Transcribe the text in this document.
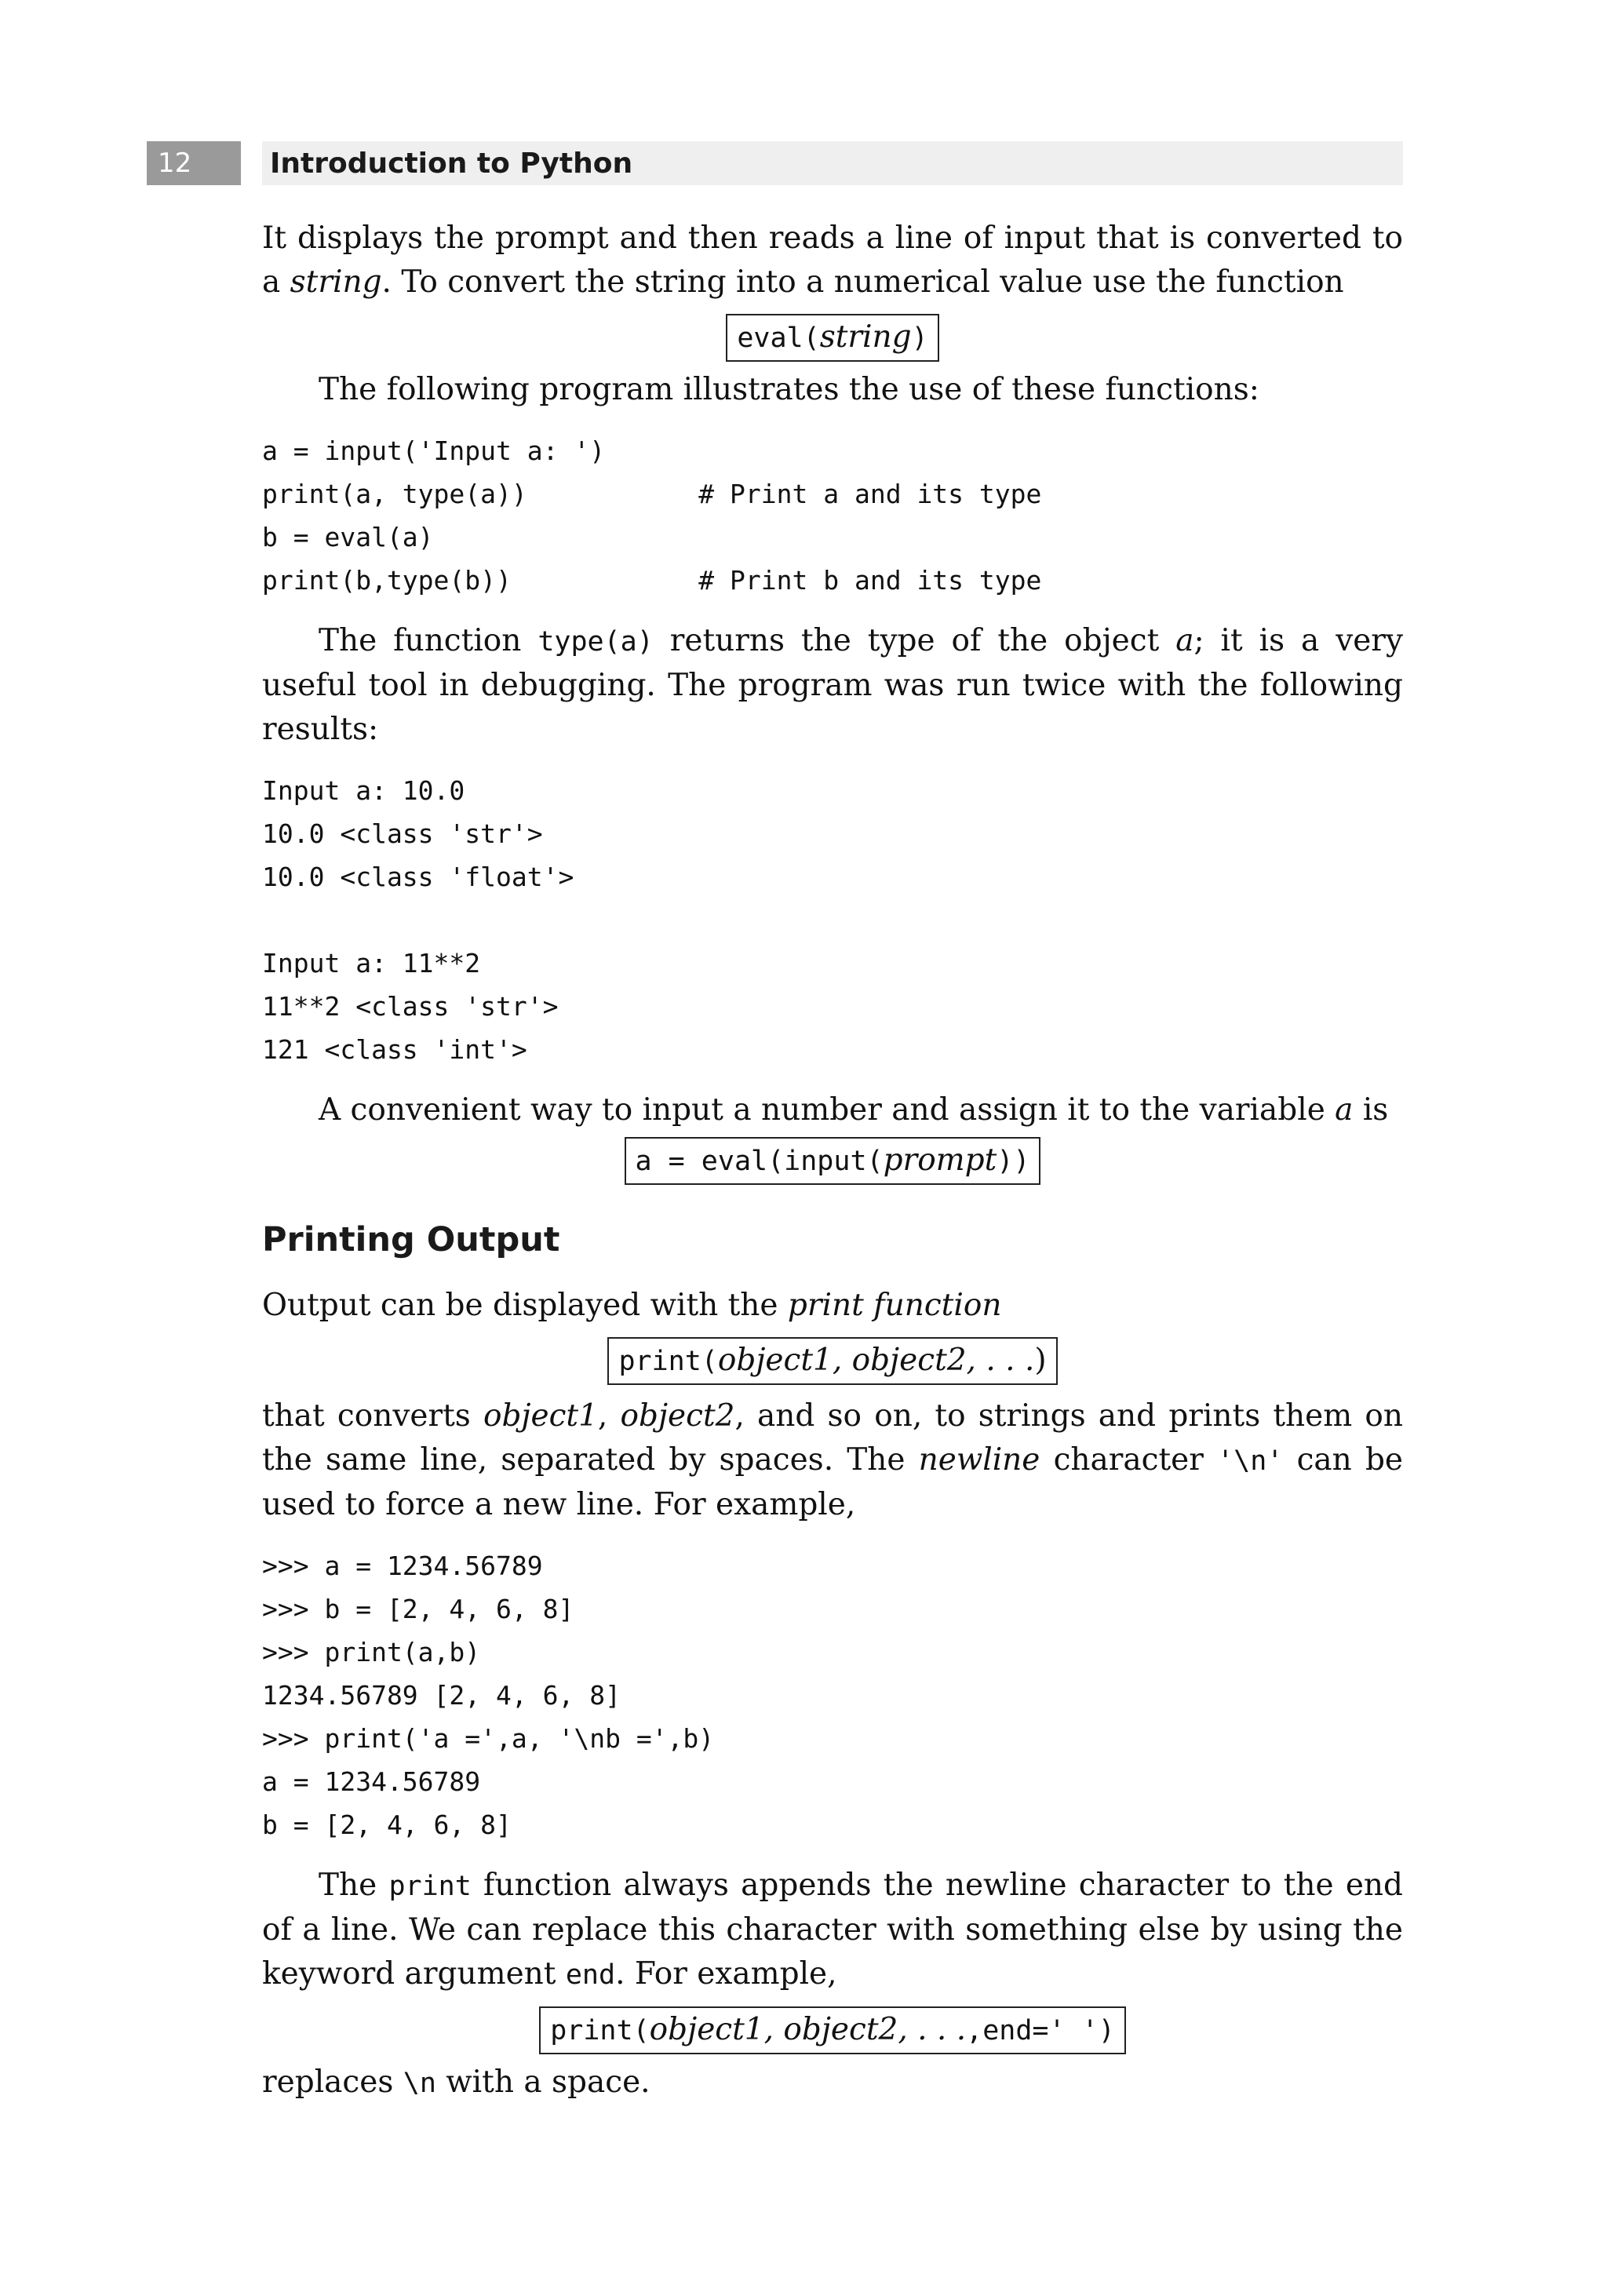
12	Introduction to Python

It displays the prompt and then reads a line of input that is converted to a string. To convert the string into a numerical value use the function

eval(string)

The following program illustrates the use of these functions:

a = input('Input a: ')
print(a, type(a))           # Print a and its type
b = eval(a)
print(b,type(b))            # Print b and its type

The function type(a) returns the type of the object a; it is a very useful tool in debugging. The program was run twice with the following results:

Input a: 10.0
10.0 <class 'str'>
10.0 <class 'float'>

Input a: 11**2
11**2 <class 'str'>
121 <class 'int'>

A convenient way to input a number and assign it to the variable a is

a = eval(input(prompt))
Printing Output

Output can be displayed with the print function

print(object1, object2, . . .)

that converts object1, object2, and so on, to strings and prints them on the same line, separated by spaces. The newline character '\n' can be used to force a new line. For example,

>>> a = 1234.56789
>>> b = [2, 4, 6, 8]
>>> print(a,b)
1234.56789 [2, 4, 6, 8]
>>> print('a =',a, '\nb =',b)
a = 1234.56789
b = [2, 4, 6, 8]

The print function always appends the newline character to the end of a line. We can replace this character with something else by using the keyword argument end. For example,

print(object1, object2, . . .,end=' ')

replaces \n with a space.
